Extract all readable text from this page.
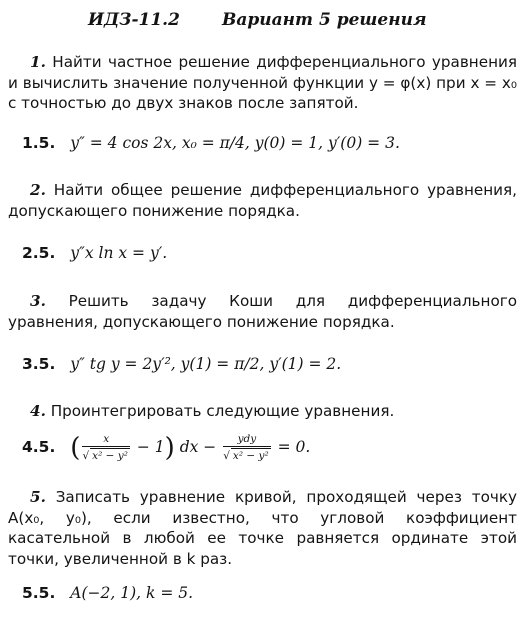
ИДЗ-11.2 Вариант 5 решения
1. Найти частное решение дифференциального уравнения и вычислить значение полученной функции y = φ(x) при x = x₀ с точностью до двух знаков после запятой.
1.5. y″ = 4 cos 2x, x₀ = π/4, y(0) = 1, y′(0) = 3.
2. Найти общее решение дифференциального уравнения, допускающего понижение порядка.
2.5. y″x ln x = y′.
3. Решить задачу Коши для дифференциального уравнения, допускающего понижение порядка.
3.5. y″ tg y = 2y′², y(1) = π/2, y′(1) = 2.
4. Проинтегрировать следующие уравнения.
4.5. ( $\frac{x}{\text{√ x² − y²}} - 1$) dx − $\frac{\text{ydy}}{\text{√ x² − y²}} = 0$.
5. Записать уравнение кривой, проходящей через точку A(x₀, y₀), если известно, что угловой коэффициент касательной в любой ее точке равняется ординате этой точки, увеличенной в k раз.
5.5. A(−2, 1), k = 5.
